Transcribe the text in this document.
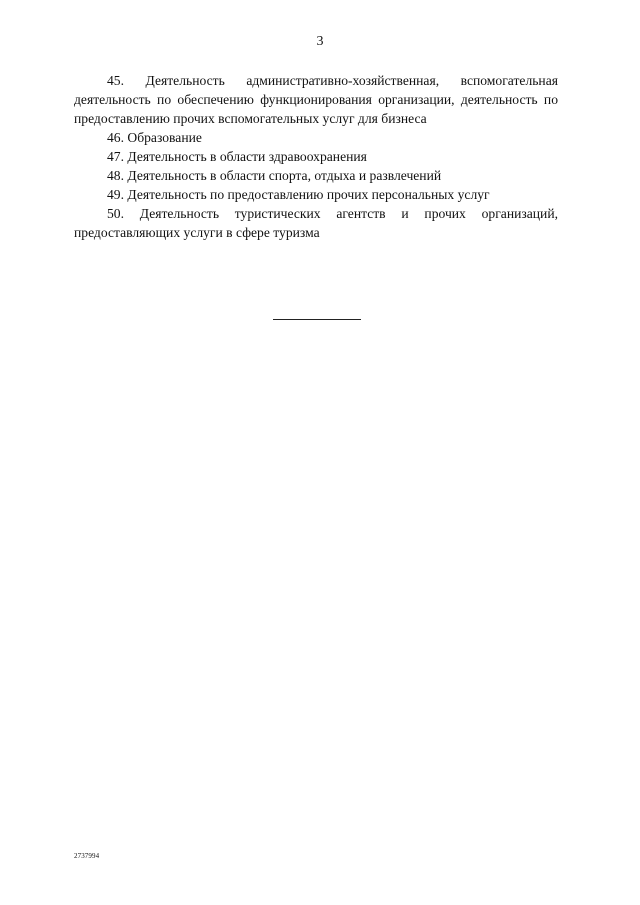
3

45. Деятельность административно-хозяйственная, вспомогательная деятельность по обеспечению функционирования организации, деятельность по предоставлению прочих вспомогательных услуг для бизнеса

46. Образование

47. Деятельность в области здравоохранения

48. Деятельность в области спорта, отдыха и развлечений

49. Деятельность по предоставлению прочих персональных услуг

50. Деятельность туристических агентств и прочих организаций, предоставляющих услуги в сфере туризма

2737994
